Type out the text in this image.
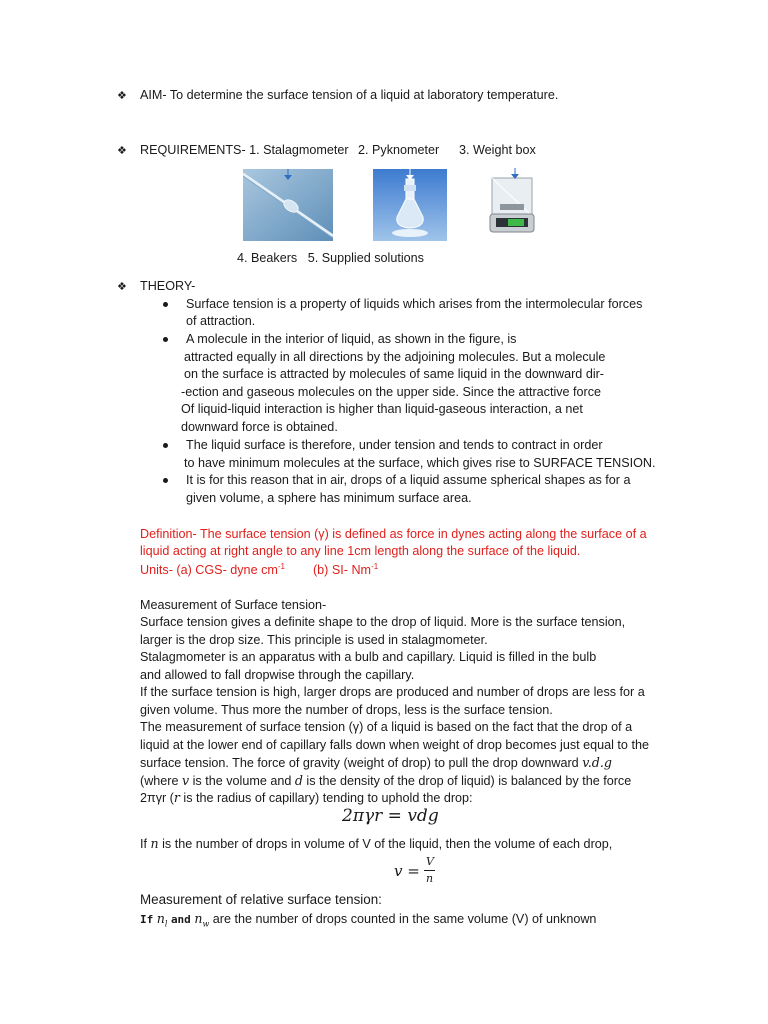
❖ AIM- To determine the surface tension of a liquid at laboratory temperature.
❖ REQUIREMENTS- 1. Stalagmometer 2. Pyknometer 3. Weight box
4. Beakers   5. Supplied solutions
❖ THEORY-
Surface tension is a property of liquids which arises from the intermolecular forces
of attraction.
A molecule in the interior of liquid, as shown in the figure, is
attracted equally in all directions by the adjoining molecules. But a molecule
on the surface is attracted by molecules of same liquid in the downward dir-
-ection and gaseous molecules on the upper side. Since the attractive force
Of liquid-liquid interaction is higher than liquid-gaseous interaction, a net
downward force is obtained.
The liquid surface is therefore, under tension and tends to contract in order
to have minimum molecules at the surface, which gives rise to SURFACE TENSION.
It is for this reason that in air, drops of a liquid assume spherical shapes as for a
given volume, a sphere has minimum surface area.
Definition- The surface tension (γ) is defined as force in dynes acting along the surface of a
liquid acting at right angle to any line 1cm length along the surface of the liquid.
Units- (a) CGS- dyne $cm^{-1}$ (b) SI- $Nm^{-1}$
Measurement of Surface tension-
Surface tension gives a definite shape to the drop of liquid. More is the surface tension,
larger is the drop size. This principle is used in stalagmometer.
Stalagmometer is an apparatus with a bulb and capillary. Liquid is filled in the bulb
and allowed to fall dropwise through the capillary.
If the surface tension is high, larger drops are produced and number of drops are less for a
given volume. Thus more the number of drops, less is the surface tension.
The measurement of surface tension (γ) of a liquid is based on the fact that the drop of a
liquid at the lower end of capillary falls down when weight of drop becomes just equal to the
surface tension. The force of gravity (weight of drop) to pull the drop downward v.d.g
(where v is the volume and d is the density of the drop of liquid) is balanced by the force
2πγr (r is the radius of capillary) tending to uphold the drop:
2πγr = vdg
If n is the number of drops in volume of V of the liquid, then the volume of each drop,
v =
V
n
Measurement of relative surface tension:
If $n_l$ and $n_w$ are the number of drops counted in the same volume (V) of unknown
